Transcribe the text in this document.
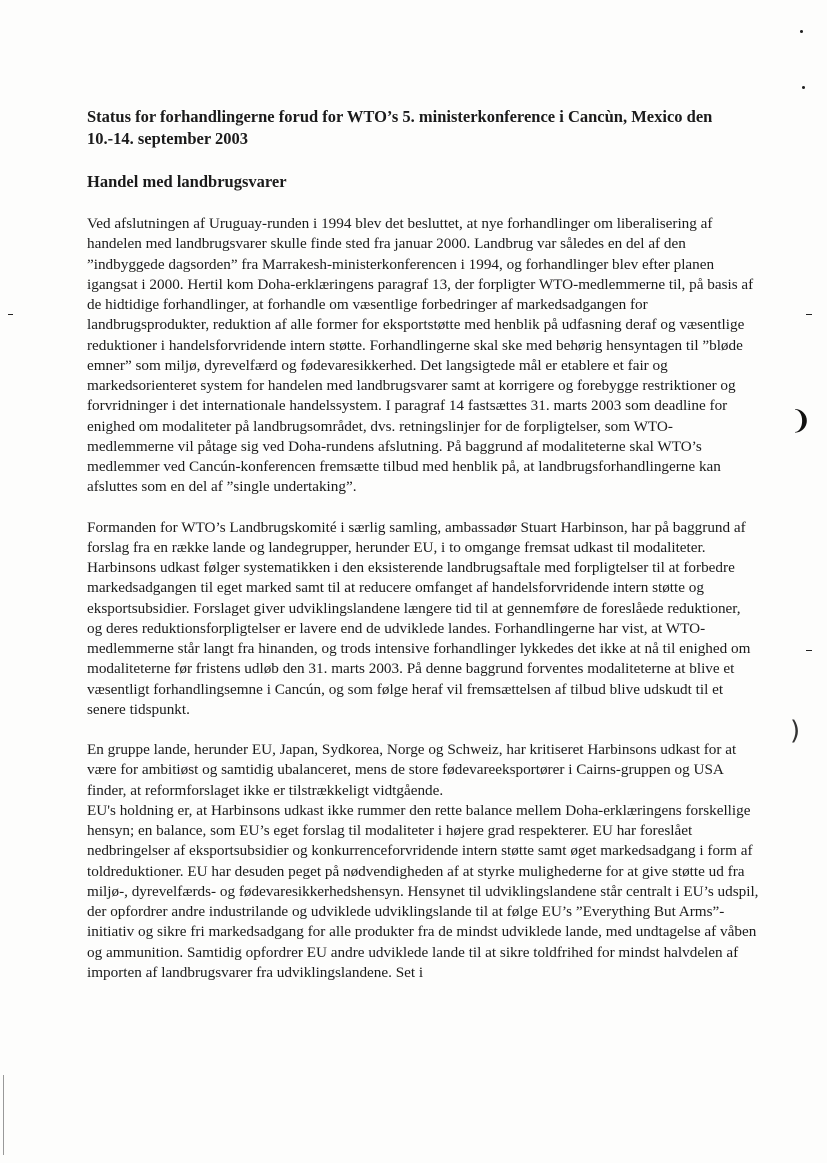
❩
)
Status for forhandlingerne forud for WTO’s 5. ministerkonference i Cancùn, Mexico den 10.-14. september 2003
Handel med landbrugsvarer

Ved afslutningen af Uruguay-runden i 1994 blev det besluttet, at nye forhandlinger om liberalisering af handelen med landbrugsvarer skulle finde sted fra januar 2000. Landbrug var således en del af den ”indbyggede dagsorden” fra Marrakesh-ministerkonferencen i 1994, og forhandlinger blev efter planen igangsat i 2000. Hertil kom Doha-erklæringens paragraf 13, der forpligter WTO-medlemmerne til, på basis af de hidtidige forhandlinger, at forhandle om væsentlige forbedringer af markedsadgangen for landbrugsprodukter, reduktion af alle former for eksportstøtte med henblik på udfasning deraf og væsentlige reduktioner i handelsforvridende intern støtte. Forhandlingerne skal ske med behørig hensyntagen til ”bløde emner” som miljø, dyrevelfærd og fødevaresikkerhed. Det langsigtede mål er etablere et fair og markedsorienteret system for handelen med landbrugsvarer samt at korrigere og forebygge restriktioner og forvridninger i det internationale handelssystem. I paragraf 14 fastsættes 31. marts 2003 som deadline for enighed om modaliteter på landbrugsområdet, dvs. retningslinjer for de forpligtelser, som WTO-medlemmerne vil påtage sig ved Doha-rundens afslutning. På baggrund af modaliteterne skal WTO’s medlemmer ved Cancún-konferencen fremsætte tilbud med henblik på, at landbrugsforhandlingerne kan afsluttes som en del af ”single undertaking”.

Formanden for WTO’s Landbrugskomité i særlig samling, ambassadør Stuart Harbinson, har på baggrund af forslag fra en række lande og landegrupper, herunder EU, i to omgange fremsat udkast til modaliteter. Harbinsons udkast følger systematikken i den eksisterende landbrugsaftale med forpligtelser til at forbedre markedsadgangen til eget marked samt til at reducere omfanget af handelsforvridende intern støtte og eksportsubsidier. Forslaget giver udviklingslandene længere tid til at gennemføre de foreslåede reduktioner, og deres reduktionsforpligtelser er lavere end de udviklede landes. Forhandlingerne har vist, at WTO-medlemmerne står langt fra hinanden, og trods intensive forhandlinger lykkedes det ikke at nå til enighed om modaliteterne før fristens udløb den 31. marts 2003. På denne baggrund forventes modaliteterne at blive et væsentligt forhandlingsemne i Cancún, og som følge heraf vil fremsættelsen af tilbud blive udskudt til et senere tidspunkt.

En gruppe lande, herunder EU, Japan, Sydkorea, Norge og Schweiz, har kritiseret Harbinsons udkast for at være for ambitiøst og samtidig ubalanceret, mens de store fødevareeksportører i Cairns-gruppen og USA finder, at reformforslaget ikke er tilstrækkeligt vidtgående.

EU's holdning er, at Harbinsons udkast ikke rummer den rette balance mellem Doha-erklæringens forskellige hensyn; en balance, som EU’s eget forslag til modaliteter i højere grad respekterer. EU har foreslået nedbringelser af eksportsubsidier og konkurrenceforvridende intern støtte samt øget markedsadgang i form af toldreduktioner. EU har desuden peget på nødvendigheden af at styrke mulighederne for at give støtte ud fra miljø-, dyrevelfærds- og fødevaresikkerhedshensyn. Hensynet til udviklingslandene står centralt i EU’s udspil, der opfordrer andre industrilande og udviklede udviklingslande til at følge EU’s ”Everything But Arms”-initiativ og sikre fri markedsadgang for alle produkter fra de mindst udviklede lande, med undtagelse af våben og ammunition. Samtidig opfordrer EU andre udviklede lande til at sikre toldfrihed for mindst halvdelen af importen af landbrugsvarer fra udviklingslandene. Set i
